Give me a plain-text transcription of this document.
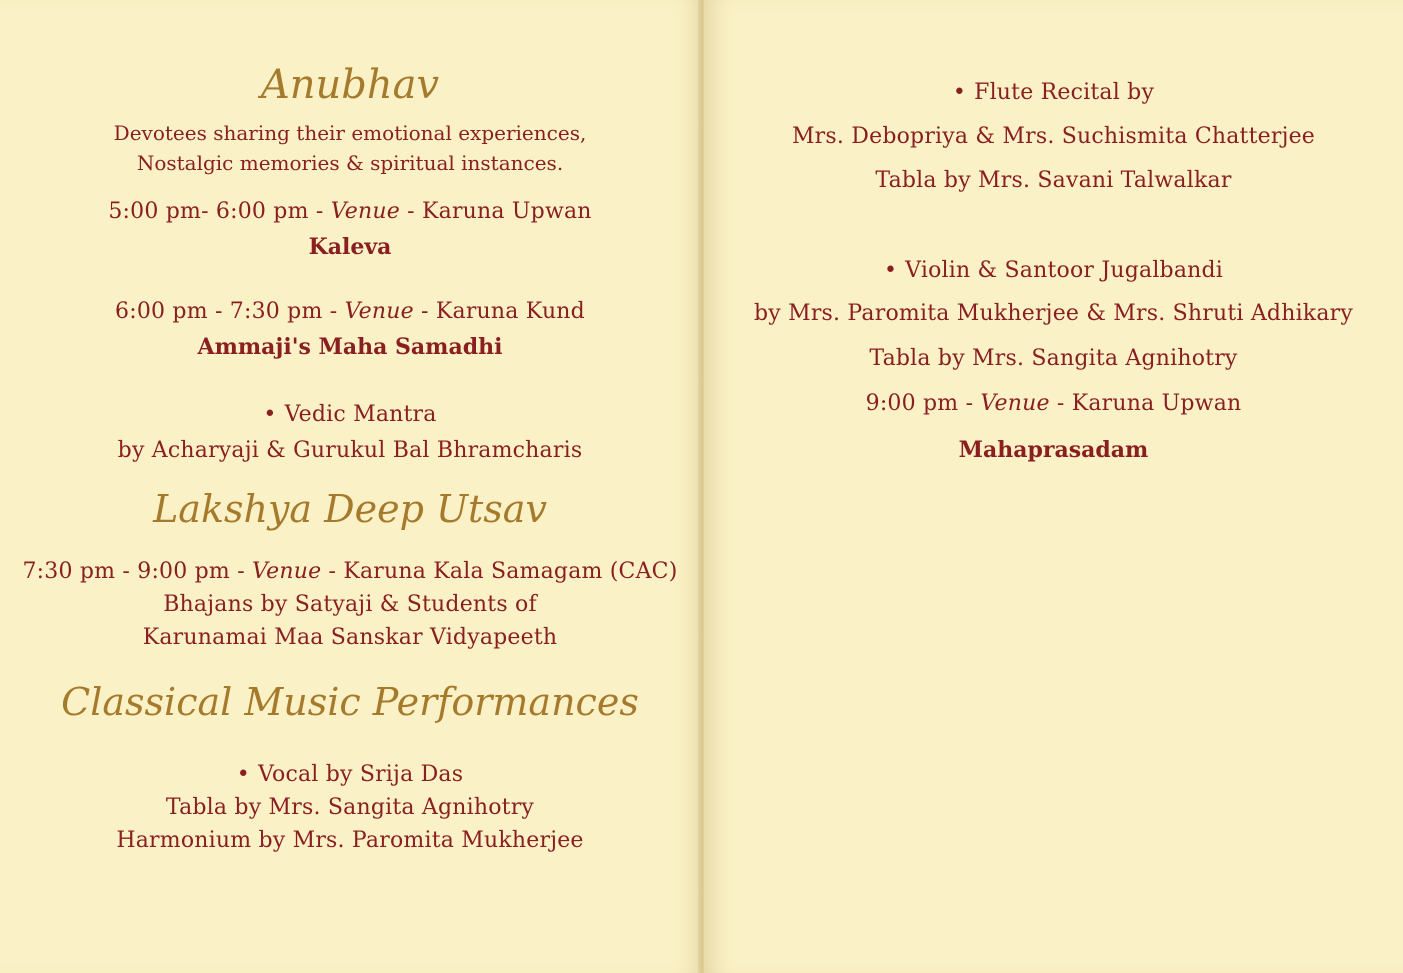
Anubhav
Devotees sharing their emotional experiences,
Nostalgic memories & spiritual instances.
5:00 pm- 6:00 pm - Venue - Karuna Upwan
Kaleva
6:00 pm - 7:30 pm - Venue - Karuna Kund
Ammaji's Maha Samadhi
• Vedic Mantra
by Acharyaji & Gurukul Bal Bhramcharis
Lakshya Deep Utsav
7:30 pm - 9:00 pm - Venue - Karuna Kala Samagam (CAC)
Bhajans by Satyaji & Students of
Karunamai Maa Sanskar Vidyapeeth
Classical Music Performances
• Vocal by Srija Das
Tabla by Mrs. Sangita Agnihotry
Harmonium by Mrs. Paromita Mukherjee
• Flute Recital by
Mrs. Debopriya & Mrs. Suchismita Chatterjee
Tabla by Mrs. Savani Talwalkar
• Violin & Santoor Jugalbandi
by Mrs. Paromita Mukherjee & Mrs. Shruti Adhikary
Tabla by Mrs. Sangita Agnihotry
9:00 pm - Venue - Karuna Upwan
Mahaprasadam
